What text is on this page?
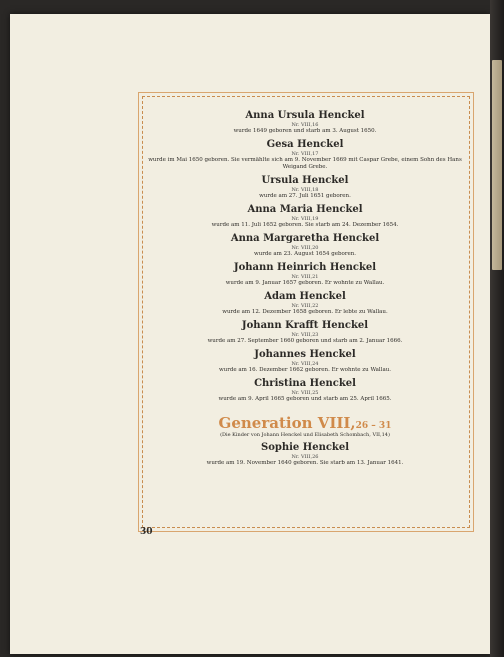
Anna Ursula Henckel
Nr. VIII,16
wurde 1649 geboren und starb am 3. August 1650.
Gesa Henckel
Nr. VIII,17
wurde im Mai 1650 geboren. Sie vermählte sich am 9. November 1669 mit Caspar Grebe, einem Sohn des Hans Weigand Grebe.
Ursula Henckel
Nr. VIII,18
wurde am 27. Juli 1651 geboren.
Anna Maria Henckel
Nr. VIII,19
wurde am 11. Juli 1652 geboren. Sie starb am 24. Dezember 1654.
Anna Margaretha Henckel
Nr. VIII,20
wurde am 23. August 1654 geboren.
Johann Heinrich Henckel
Nr. VIII,21
wurde am 9. Januar 1657 geboren. Er wohnte zu Wallau.
Adam Henckel
Nr. VIII,22
wurde am 12. Dezember 1658 geboren. Er lebte zu Wallau.
Johann Krafft Henckel
Nr. VIII,23
wurde am 27. September 1660 geboren und starb am 2. Januar 1666.
Johannes Henckel
Nr. VIII,24
wurde am 16. Dezember 1662 geboren. Er wohnte zu Wallau.
Christina Henckel
Nr. VIII,25
wurde am 9. April 1665 geboren und starb am 25. April 1665.
Generation VIII,26 – 31
(Die Kinder von Johann Henckel und Elisabeth Schombach, VII,14)
Sophie Henckel
Nr. VIII,26
wurde am 19. November 1640 geboren. Sie starb am 13. Januar 1641.
30
